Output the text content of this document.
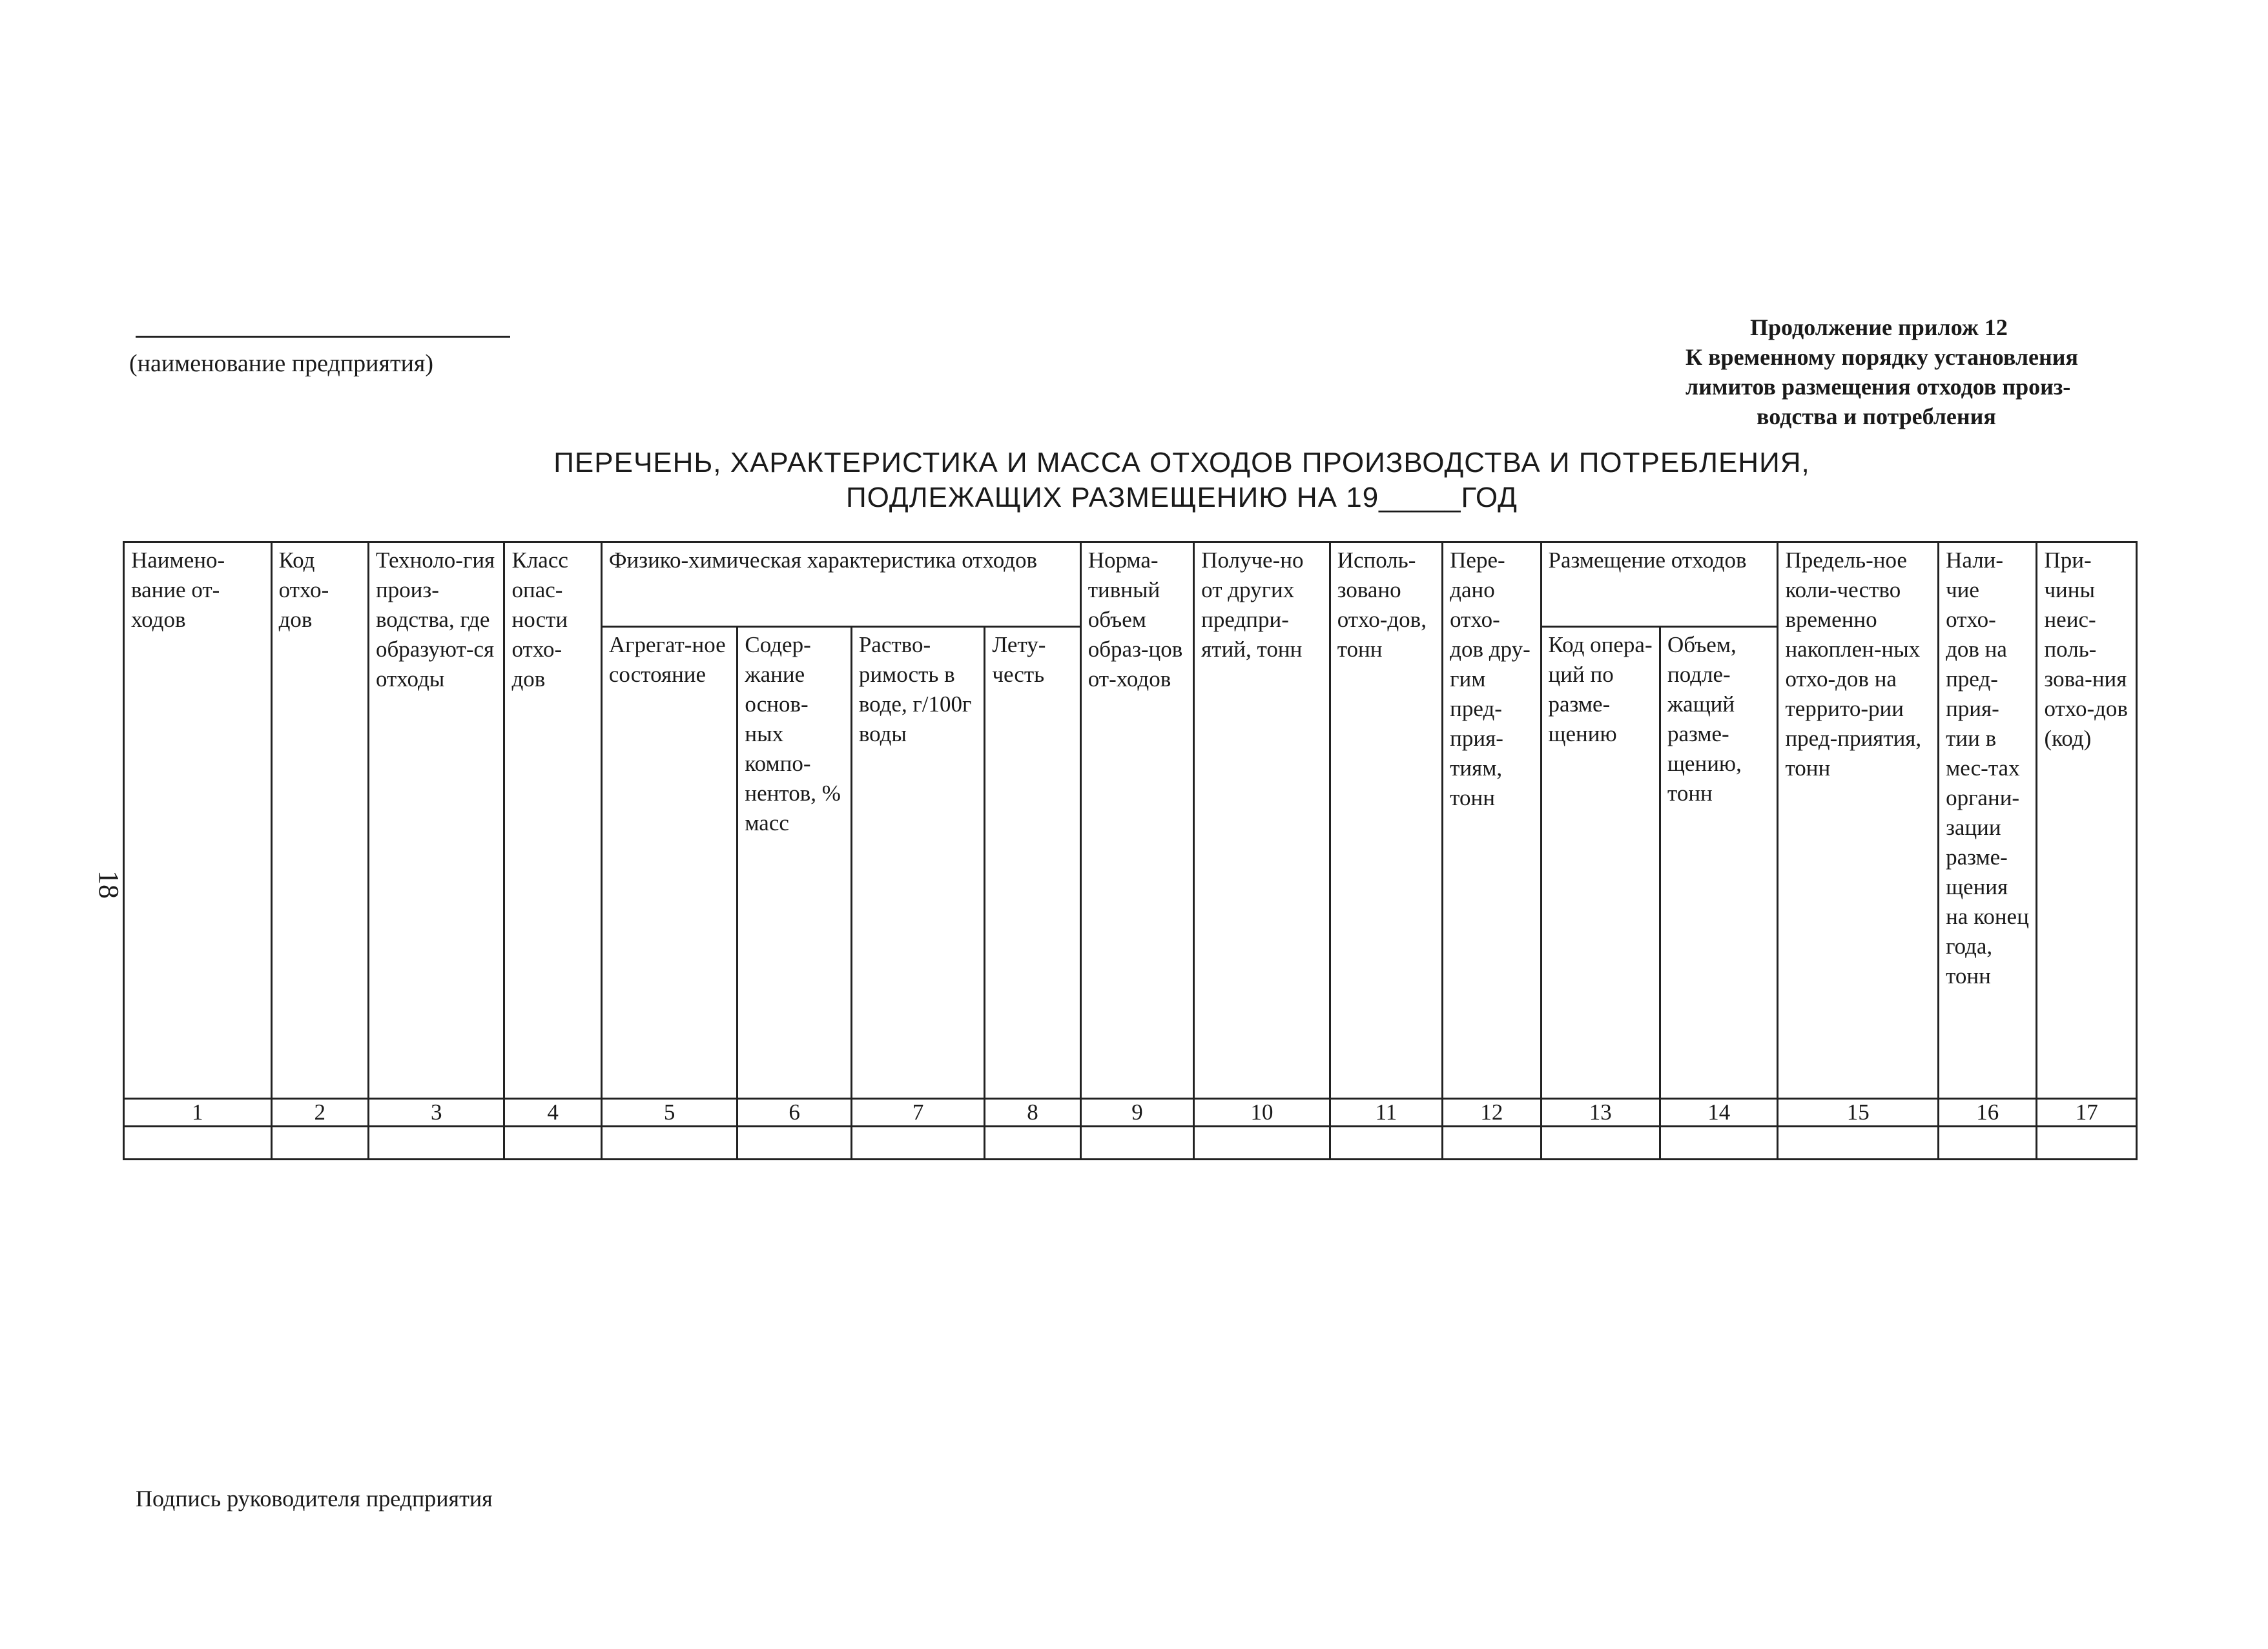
18
(наименование предприятия)
Продолжение прилож 12
К временному порядку установления
лимитов размещения отходов произ-
водства и потребления
ПЕРЕЧЕНЬ, ХАРАКТЕРИСТИКА И МАССА ОТХОДОВ ПРОИЗВОДСТВА И ПОТРЕБЛЕНИЯ,
ПОДЛЕЖАЩИХ РАЗМЕЩЕНИЮ НА 19_____ГОД
Наимено-вание от-ходов	Код отхо-дов	Техноло-гия произ-водства, где образуют-ся отходы	Класс опас-ности отхо-дов	Физико-химическая характеристика отходов				Норма-тивный объем образ-цов от-ходов	Получе-но от других предпри-ятий, тонн	Исполь-зовано отхо-дов, тонн	Пере-дано отхо-дов дру-гим пред-прия-тиям, тонн	Размещение отходов		Предель-ное коли-чество временно накоплен-ных отхо-дов на террито-рии пред-приятия, тонн	Нали-чие отхо-дов на пред-прия-тии в мес-тах органи-зации разме-щения на конец года, тонн	При-чины неис-поль-зова-ния отхо-дов (код)
				Агрегат-ное состояние	Содер-жание основ-ных компо-нентов, % масс	Раство-римость в воде, г/100г воды	Лету-честь					Код опера-ций по разме-щению	Объем, подле-жащий разме-щению, тонн			
1	2	3	4	5	6	7	8	9	10	11	12	13	14	15	16	17

Подпись руководителя предприятия
